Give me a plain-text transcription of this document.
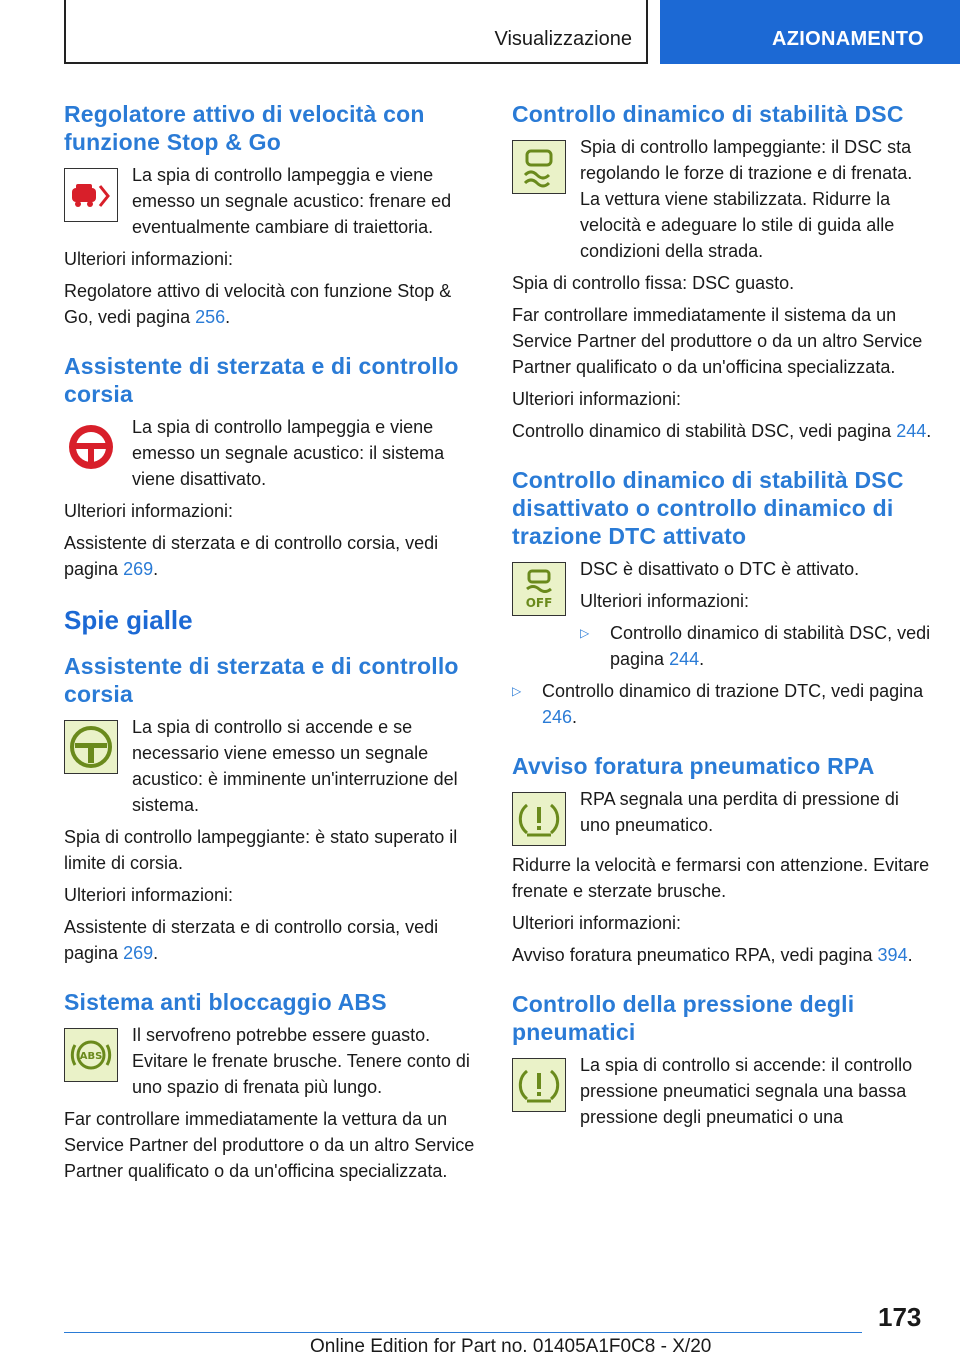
Visualizzazione	AZIONAMENTO
Regolatore attivo di velocità con funzione Stop & Go

La spia di controllo lampeggia e viene emesso un segnale acustico: frenare ed eventualmente cambiare di traiettoria.

Ulteriori informazioni:

Regolatore attivo di velocità con funzione Stop & Go, vedi pagina 256.

Assistente di sterzata e di controllo corsia

La spia di controllo lampeggia e viene emesso un segnale acustico: il sistema viene disattivato.

Ulteriori informazioni:

Assistente di sterzata e di controllo corsia, vedi pagina 269.

Spie gialle
Assistente di sterzata e di controllo corsia

La spia di controllo si accende e se necessario viene emesso un segnale acustico: è imminente un'interruzione del sistema.

Spia di controllo lampeggiante: è stato superato il limite di corsia.

Ulteriori informazioni:

Assistente di sterzata e di controllo corsia, vedi pagina 269.

Sistema anti bloccaggio ABS
ABS

Il servofreno potrebbe essere guasto. Evitare le frenate brusche. Tenere conto di uno spazio di frenata più lungo.

Far controllare immediatamente la vettura da un Service Partner del produttore o da un altro Service Partner qualificato o da un'officina specializzata.

Controllo dinamico di stabilità DSC

Spia di controllo lampeggiante: il DSC sta regolando le forze di trazione e di frenata. La vettura viene stabilizzata. Ridurre la velocità e adeguare lo stile di guida alle condizioni della strada.

Spia di controllo fissa: DSC guasto.

Far controllare immediatamente il sistema da un Service Partner del produttore o da un altro Service Partner qualificato o da un'officina specializzata.

Ulteriori informazioni:

Controllo dinamico di stabilità DSC, vedi pagina 244.

Controllo dinamico di stabilità DSC disattivato o controllo dinamico di trazione DTC attivato
OFF

DSC è disattivato o DTC è attivato.

Ulteriori informazioni:

▷	Controllo dinamico di stabilità DSC, vedi pagina 244.
▷	Controllo dinamico di trazione DTC, vedi pagina 246.
Avviso foratura pneumatico RPA

RPA segnala una perdita di pressione di uno pneumatico.

Ridurre la velocità e fermarsi con attenzione. Evitare frenate e sterzate brusche.

Ulteriori informazioni:

Avviso foratura pneumatico RPA, vedi pagina 394.

Controllo della pressione degli pneumatici

La spia di controllo si accende: il controllo pressione pneumatici segnala una bassa pressione degli pneumatici o una

173
Online Edition for Part no. 01405A1F0C8 - X/20
